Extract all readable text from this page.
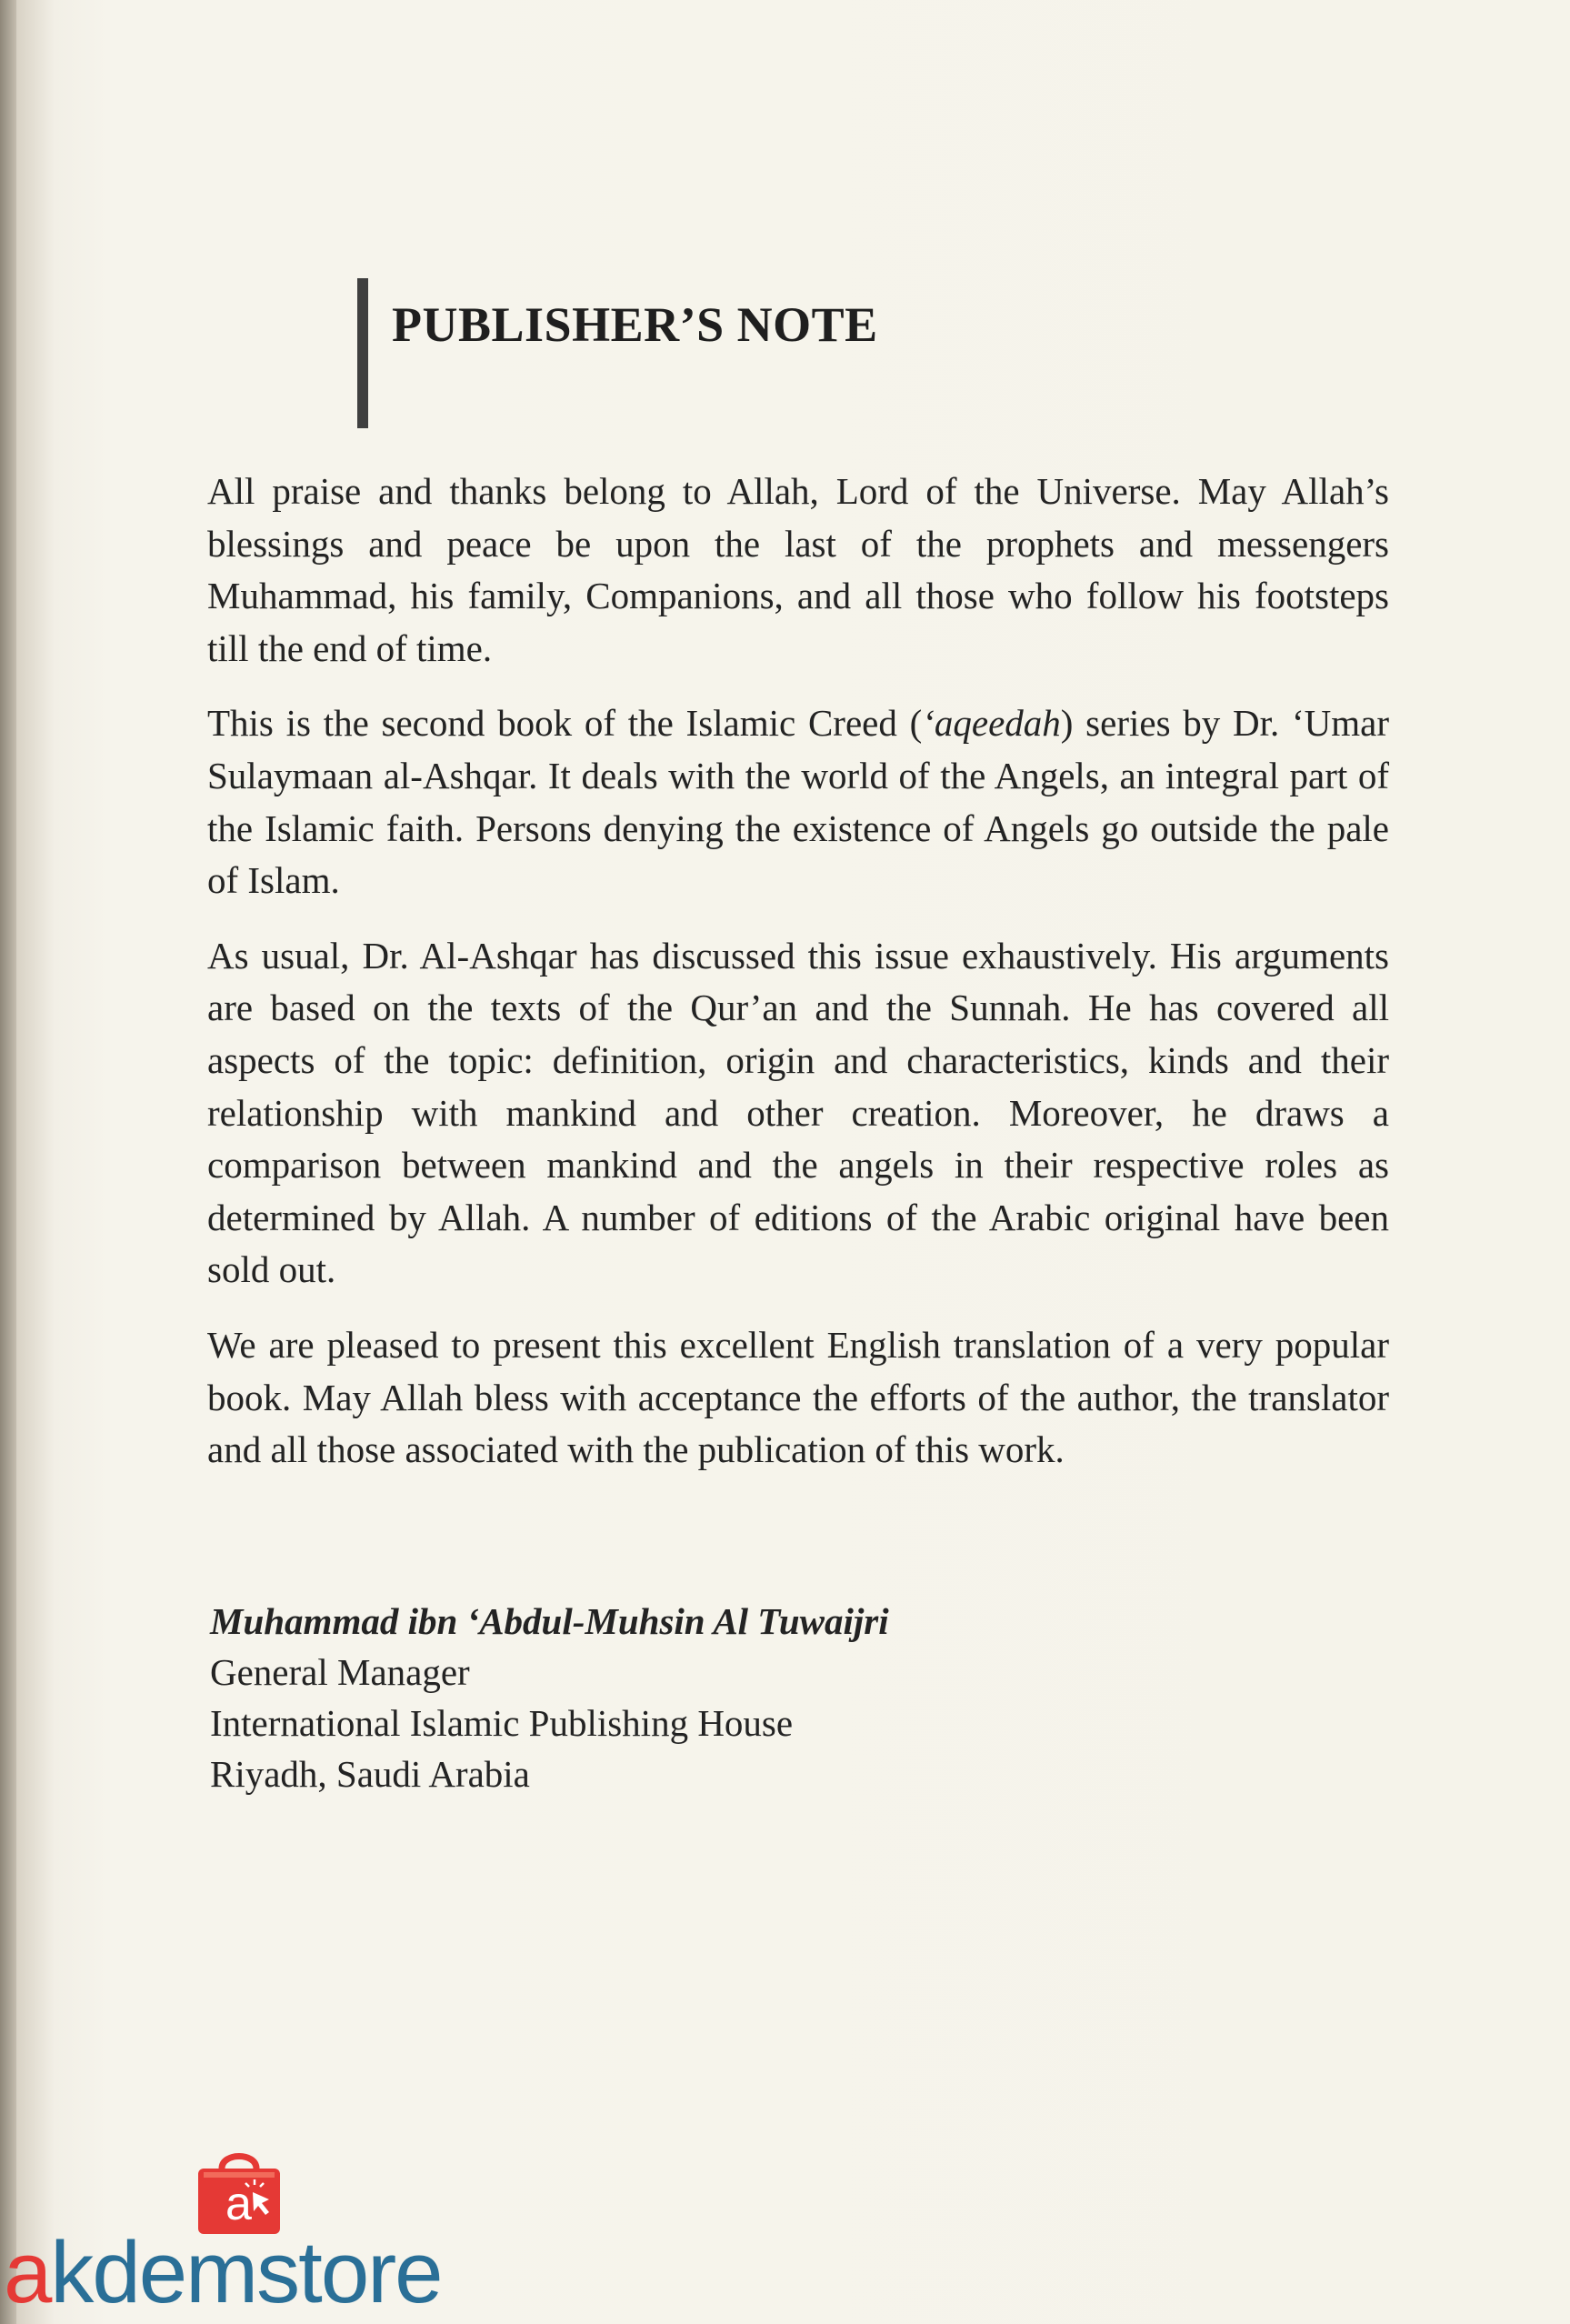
PUBLISHER’S NOTE

All praise and thanks belong to Allah, Lord of the Universe. May Allah’s blessings and peace be upon the last of the prophets and messengers Muhammad, his family, Companions, and all those who follow his footsteps till the end of time.

This is the second book of the Islamic Creed (‘aqeedah) series by Dr. ‘Umar Sulaymaan al-Ashqar. It deals with the world of the Angels, an integral part of the Islamic faith. Persons denying the existence of Angels go outside the pale of Islam.

As usual, Dr. Al-Ashqar has discussed this issue exhaustively. His arguments are based on the texts of the Qur’an and the Sunnah. He has covered all aspects of the topic: definition, origin and characteristics, kinds and their relationship with mankind and other creation. Moreover, he draws a comparison between mankind and the angels in their respective roles as determined by Allah. A number of editions of the Arabic original have been sold out.

We are pleased to present this excellent English translation of a very popular book. May Allah bless with acceptance the efforts of the author, the translator and all those associated with the publication of this work.

Muhammad ibn ‘Abdul-Muhsin Al Tuwaijri
General Manager
International Islamic Publishing House
Riyadh, Saudi Arabia
a
akdemstore
